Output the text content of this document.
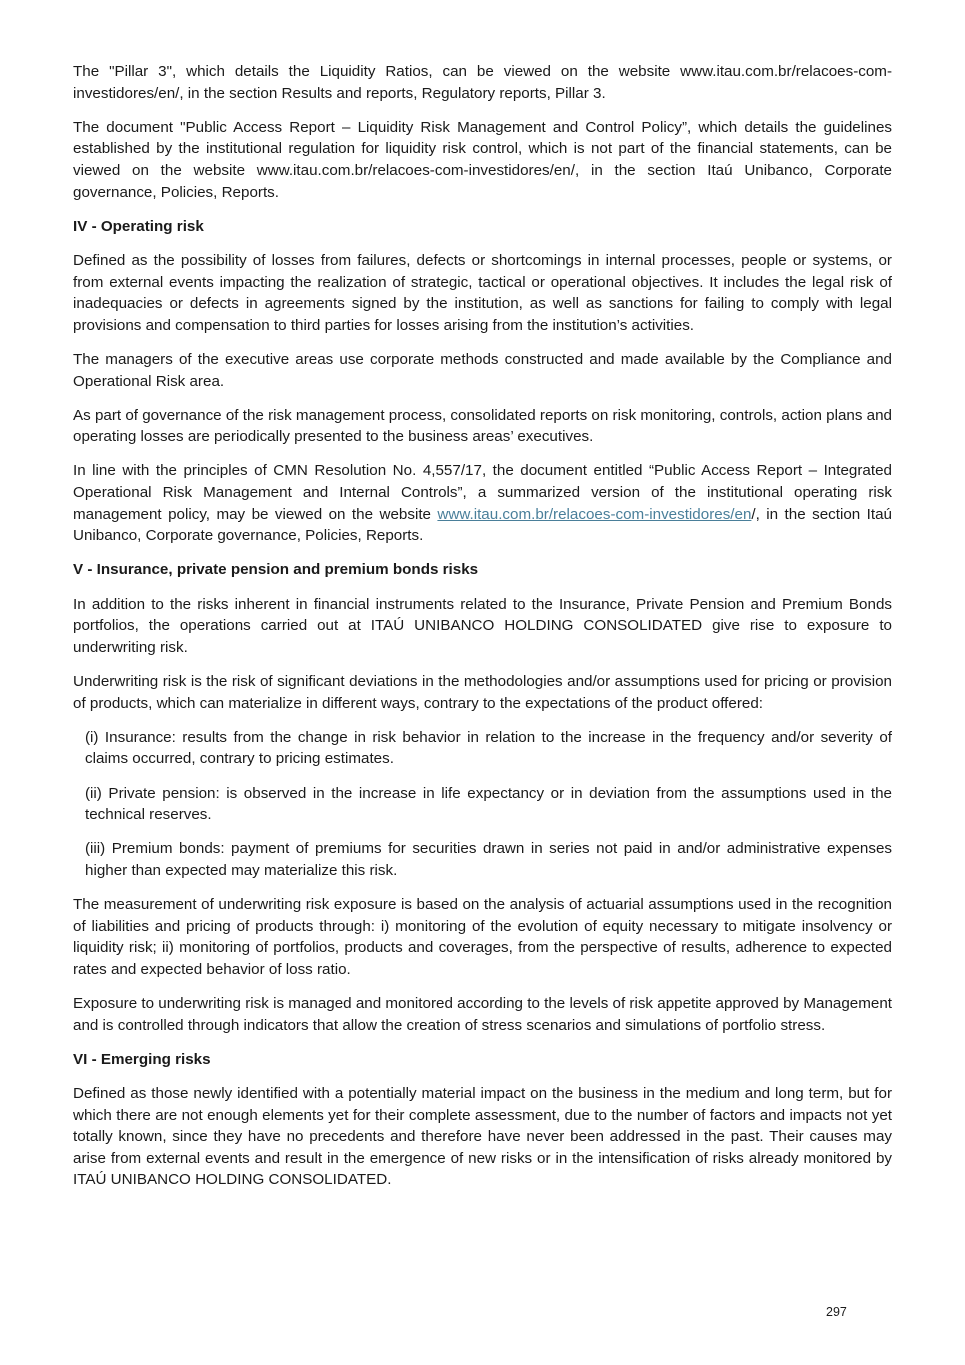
The "Pillar 3", which details the Liquidity Ratios, can be viewed on the website www.itau.com.br/relacoes-com-investidores/en/, in the section Results and reports, Regulatory reports, Pillar 3.

The document "Public Access Report – Liquidity Risk Management and Control Policy”, which details the guidelines established by the institutional regulation for liquidity risk control, which is not part of the financial statements, can be viewed on the website www.itau.com.br/relacoes-com-investidores/en/, in the section Itaú Unibanco, Corporate governance, Policies, Reports.

IV - Operating risk

Defined as the possibility of losses from failures, defects or shortcomings in internal processes, people or systems, or from external events impacting the realization of strategic, tactical or operational objectives. It includes the legal risk of inadequacies or defects in agreements signed by the institution, as well as sanctions for failing to comply with legal provisions and compensation to third parties for losses arising from the institution’s activities.

The managers of the executive areas use corporate methods constructed and made available by the Compliance and Operational Risk area.

As part of governance of the risk management process, consolidated reports on risk monitoring, controls, action plans and operating losses are periodically presented to the business areas’ executives.

In line with the principles of CMN Resolution No. 4,557/17, the document entitled “Public Access Report – Integrated Operational Risk Management and Internal Controls”, a summarized version of the institutional operating risk management policy, may be viewed on the website www.itau.com.br/relacoes-com-investidores/en/, in the section Itaú Unibanco, Corporate governance, Policies, Reports.

V - Insurance, private pension and premium bonds risks

In addition to the risks inherent in financial instruments related to the Insurance, Private Pension and Premium Bonds portfolios, the operations carried out at ITAÚ UNIBANCO HOLDING CONSOLIDATED give rise to exposure to underwriting risk.

Underwriting risk is the risk of significant deviations in the methodologies and/or assumptions used for pricing or provision of products, which can materialize in different ways, contrary to the expectations of the product offered:

(i) Insurance: results from the change in risk behavior in relation to the increase in the frequency and/or severity of claims occurred, contrary to pricing estimates.

(ii) Private pension: is observed in the increase in life expectancy or in deviation from the assumptions used in the technical reserves.

(iii) Premium bonds: payment of premiums for securities drawn in series not paid in and/or administrative expenses higher than expected may materialize this risk.

The measurement of underwriting risk exposure is based on the analysis of actuarial assumptions used in the recognition of liabilities and pricing of products through: i) monitoring of the evolution of equity necessary to mitigate insolvency or liquidity risk; ii) monitoring of portfolios, products and coverages, from the perspective of results, adherence to expected rates and expected behavior of loss ratio.

Exposure to underwriting risk is managed and monitored according to the levels of risk appetite approved by Management and is controlled through indicators that allow the creation of stress scenarios and simulations of portfolio stress.

VI - Emerging risks

Defined as those newly identified with a potentially material impact on the business in the medium and long term, but for which there are not enough elements yet for their complete assessment, due to the number of factors and impacts not yet totally known, since they have no precedents and therefore have never been addressed in the past. Their causes may arise from external events and result in the emergence of new risks or in the intensification of risks already monitored by ITAÚ UNIBANCO HOLDING CONSOLIDATED.

297
